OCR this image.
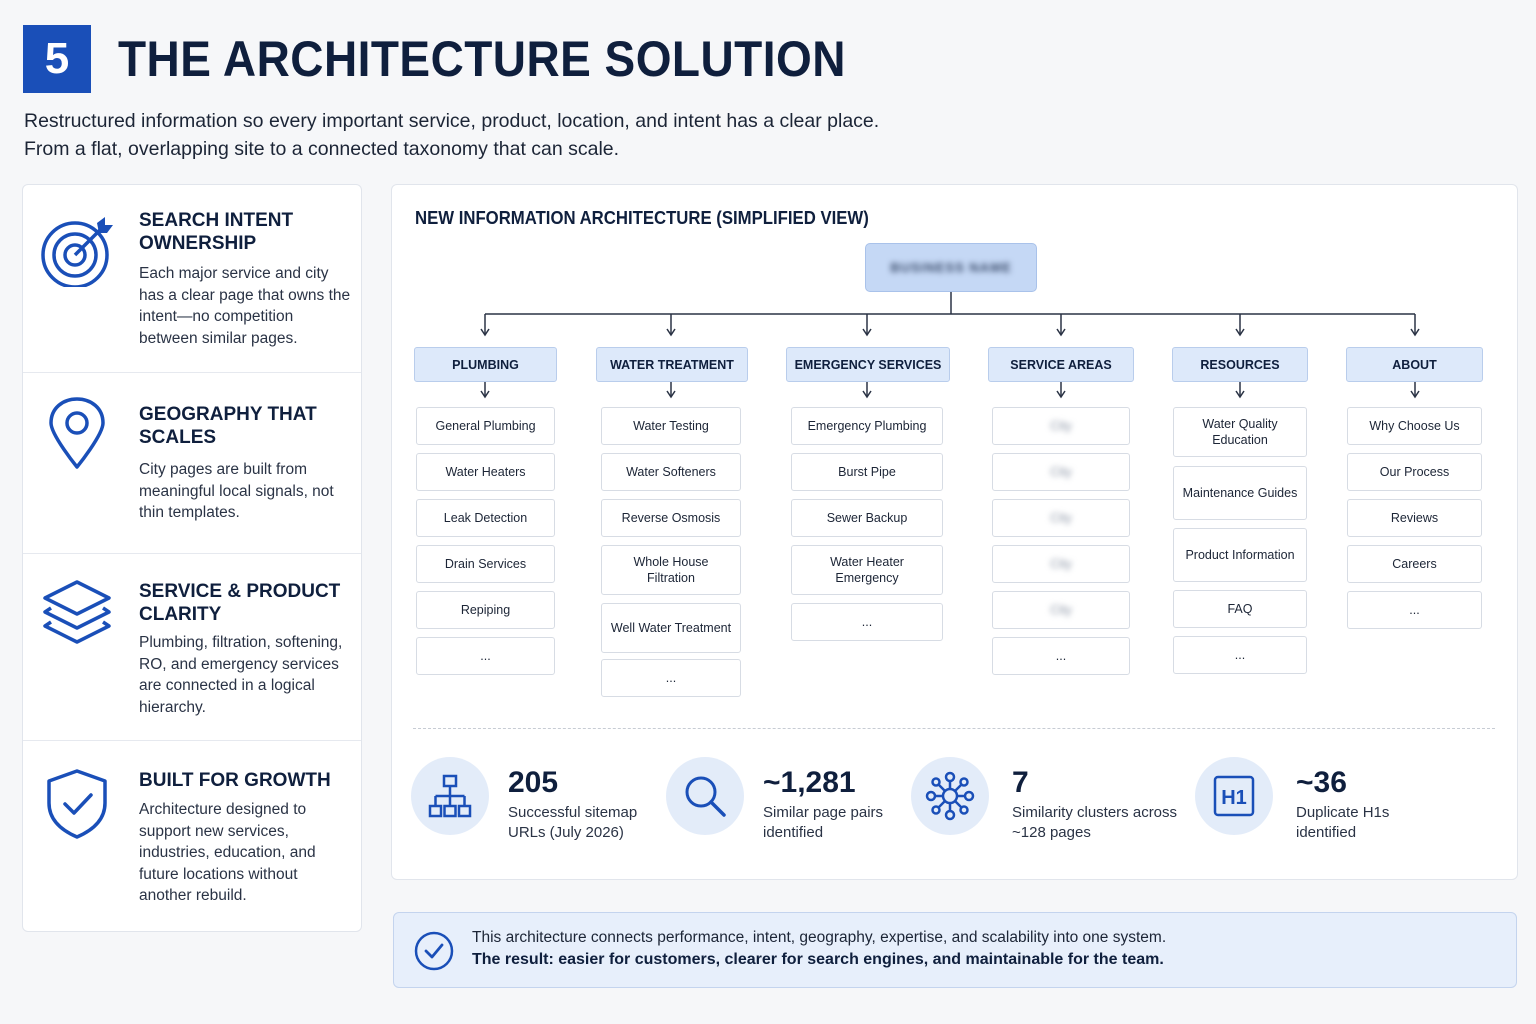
5 THE ARCHITECTURE SOLUTION
Restructured information so every important service, product, location, and intent has a clear place.
From a flat, overlapping site to a connected taxonomy that can scale.
SEARCH INTENT OWNERSHIP
Each major service and city has a clear page that owns the intent—no competition between similar pages.
GEOGRAPHY THAT SCALES
City pages are built from meaningful local signals, not thin templates.
SERVICE & PRODUCT CLARITY
Plumbing, filtration, softening, RO, and emergency services are connected in a logical hierarchy.
BUILT FOR GROWTH
Architecture designed to support new services, industries, education, and future locations without another rebuild.
NEW INFORMATION ARCHITECTURE (SIMPLIFIED VIEW)
BUSINESS NAME
PLUMBING
General Plumbing
Water Heaters
Leak Detection
Drain Services
Repiping
...
WATER TREATMENT
Water Testing
Water Softeners
Reverse Osmosis
Whole House Filtration
Well Water Treatment
...
EMERGENCY SERVICES
Emergency Plumbing
Burst Pipe
Sewer Backup
Water Heater Emergency
...
SERVICE AREAS
City
City
City
City
City
...
RESOURCES
Water Quality Education
Maintenance Guides
Product Information
FAQ
...
ABOUT
Why Choose Us
Our Process
Reviews
Careers
...
205
Successful sitemap
URLs (July 2026)
~1,281
Similar page pairs
identified
7
Similarity clusters across
~128 pages
H1 ~36
Duplicate H1s
identified
This architecture connects performance, intent, geography, expertise, and scalability into one system.
The result: easier for customers, clearer for search engines, and maintainable for the team.
